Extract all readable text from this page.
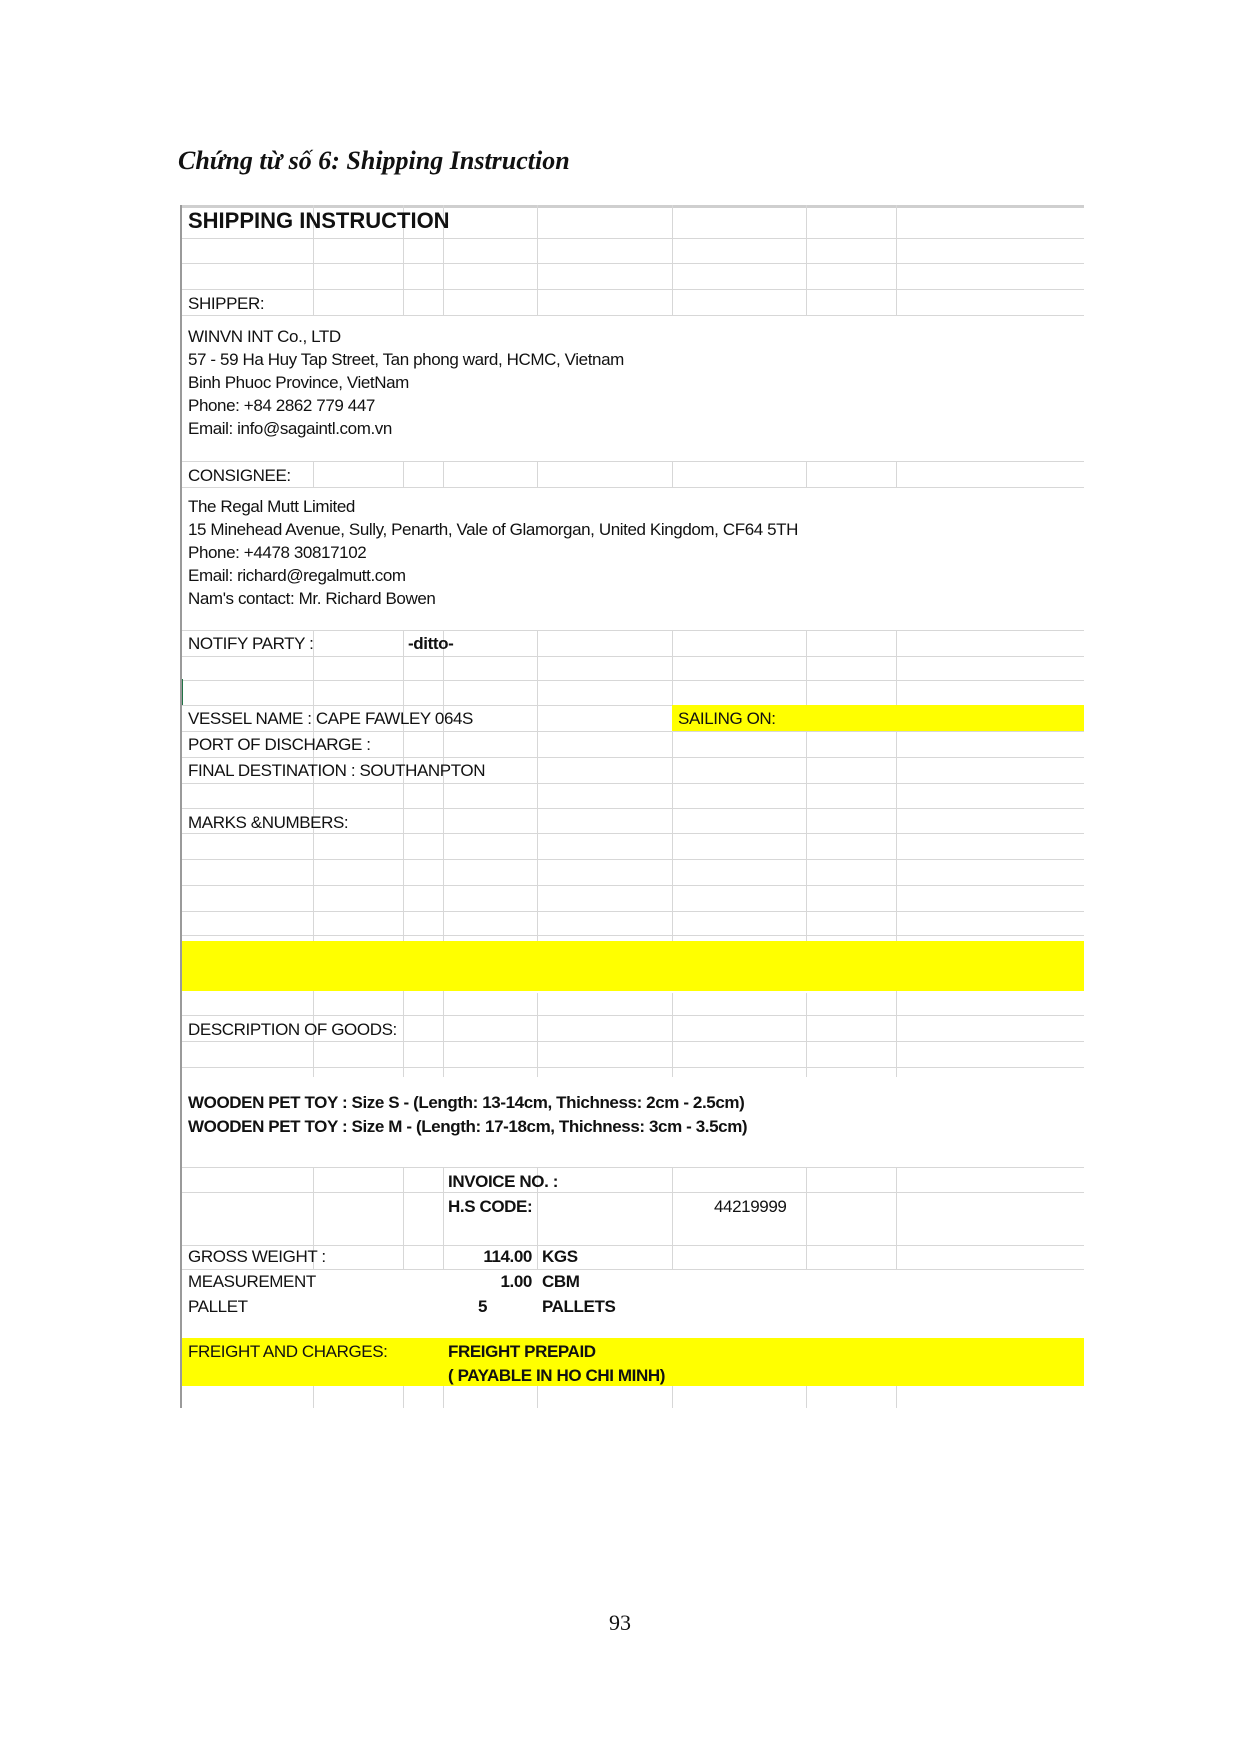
Chứng từ số 6: Shipping Instruction
SHIPPING INSTRUCTION
SHIPPER:
WINVN INT Co., LTD
57 - 59 Ha Huy Tap Street, Tan phong ward, HCMC, Vietnam
Binh Phuoc Province, VietNam
Phone: +84 2862 779 447
Email: info@sagaintl.com.vn
CONSIGNEE:
The Regal Mutt Limited
15 Minehead Avenue, Sully, Penarth, Vale of Glamorgan, United Kingdom, CF64 5TH
Phone: +4478 30817102
Email: richard@regalmutt.com
Nam's contact: Mr. Richard Bowen
NOTIFY PARTY :	-ditto-
VESSEL NAME : CAPE FAWLEY 064S	SAILING ON:
PORT OF DISCHARGE :
FINAL DESTINATION : SOUTHANPTON
MARKS &NUMBERS:
DESCRIPTION OF GOODS:
WOODEN PET TOY : Size S - (Length: 13-14cm, Thichness: 2cm - 2.5cm)
WOODEN PET TOY : Size M - (Length: 17-18cm, Thichness: 3cm - 3.5cm)
INVOICE NO. :
H.S CODE:	44219999
GROSS WEIGHT :	114.00 KGS
MEASUREMENT	1.00 CBM
PALLET	5	PALLETS
FREIGHT AND CHARGES:	FREIGHT PREPAID
( PAYABLE IN HO CHI MINH)
93
